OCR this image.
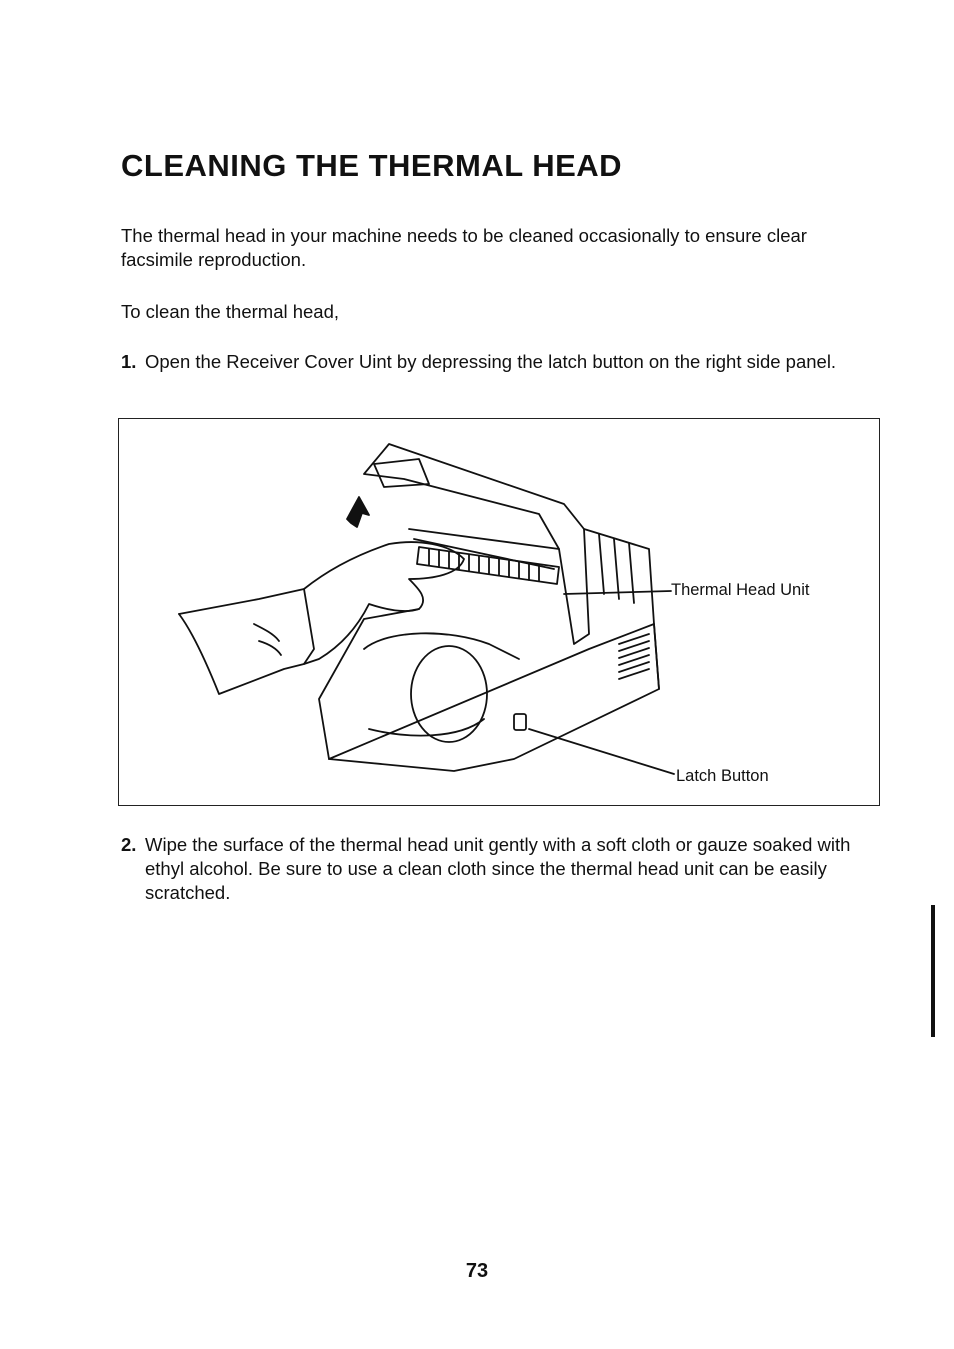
CLEANING THE THERMAL HEAD

The thermal head in your machine needs to be cleaned occasionally to ensure clear facsimile reproduction.

To clean the thermal head,

1. Open the Receiver Cover Uint by depressing the latch button on the right side panel.

Thermal Head Unit

Latch Button

2. Wipe the surface of the thermal head unit gently with a soft cloth or gauze soaked with ethyl alcohol. Be sure to use a clean cloth since the thermal head unit can be easily scratched.

73
